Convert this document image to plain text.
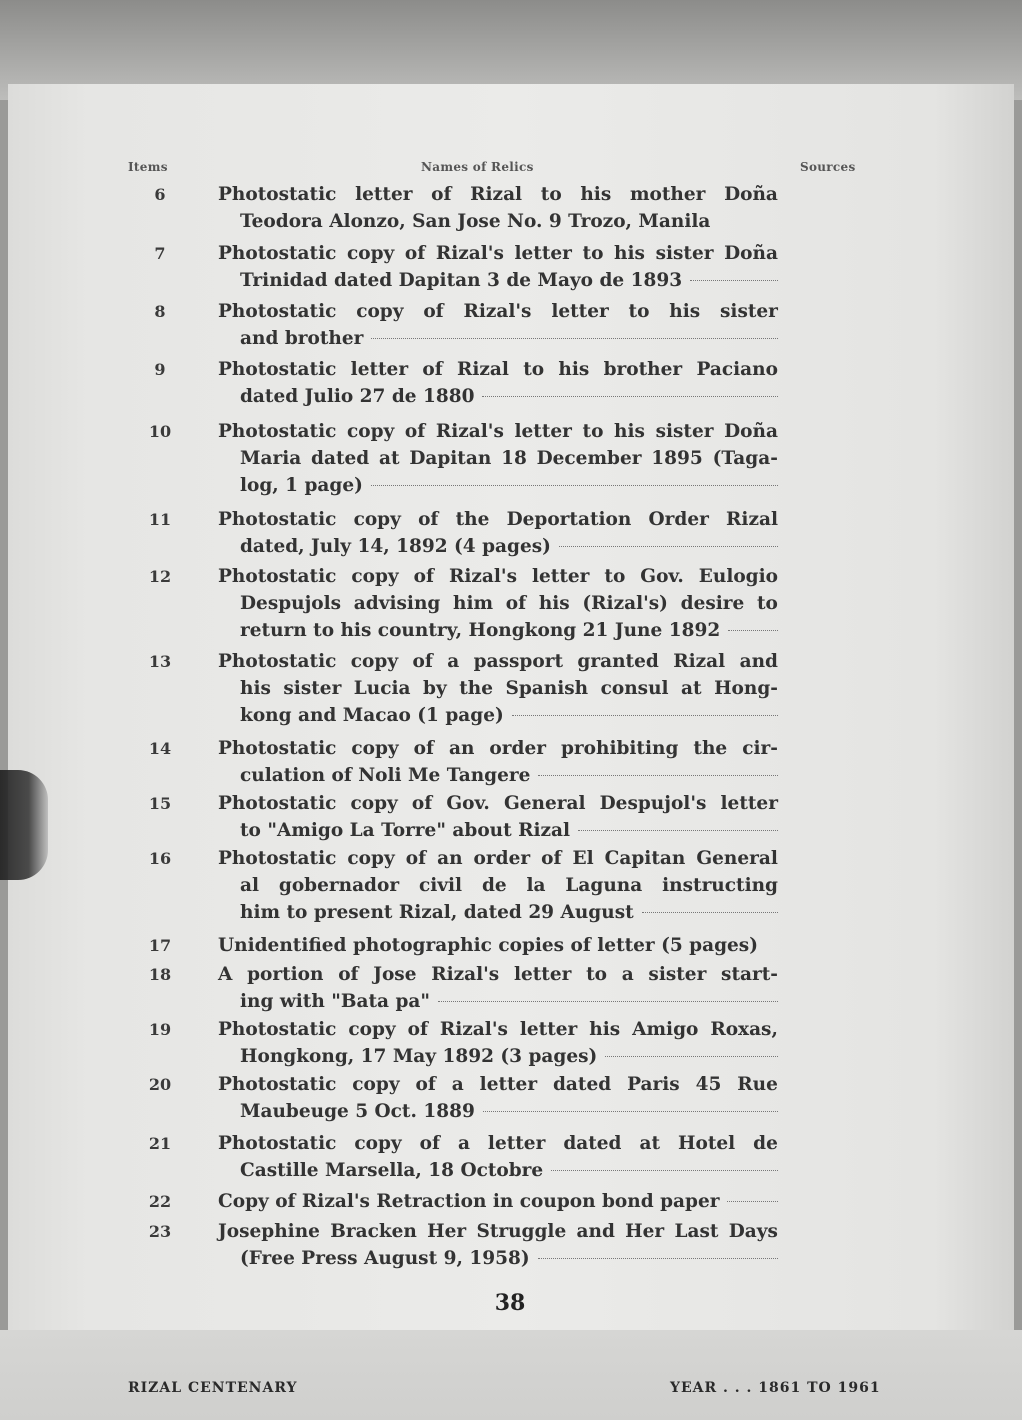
Items	Names of Relics	Sources
6	Photostatic letter of Rizal to his mother Doña
Teodora Alonzo, San Jose No. 9 Trozo, Manila
7	Photostatic copy of Rizal's letter to his sister Doña
Trinidad dated Dapitan 3 de Mayo de 1893
8	Photostatic copy of Rizal's letter to his sister
and brother
9	Photostatic letter of Rizal to his brother Paciano
dated Julio 27 de 1880
10	Photostatic copy of Rizal's letter to his sister Doña
Maria dated at Dapitan 18 December 1895 (Taga-
log, 1 page)
11	Photostatic copy of the Deportation Order Rizal
dated, July 14, 1892 (4 pages)
12	Photostatic copy of Rizal's letter to Gov. Eulogio
Despujols advising him of his (Rizal's) desire to
return to his country, Hongkong 21 June 1892
13	Photostatic copy of a passport granted Rizal and
his sister Lucia by the Spanish consul at Hong-
kong and Macao (1 page)
14	Photostatic copy of an order prohibiting the cir-
culation of Noli Me Tangere
15	Photostatic copy of Gov. General Despujol's letter
to "Amigo La Torre" about Rizal
16	Photostatic copy of an order of El Capitan General
al gobernador civil de la Laguna instructing
him to present Rizal, dated 29 August
17	Unidentified photographic copies of letter (5 pages)
18	A portion of Jose Rizal's letter to a sister start-
ing with "Bata pa"
19	Photostatic copy of Rizal's letter his Amigo Roxas,
Hongkong, 17 May 1892 (3 pages)
20	Photostatic copy of a letter dated Paris 45 Rue
Maubeuge 5 Oct. 1889
21	Photostatic copy of a letter dated at Hotel de
Castille Marsella, 18 Octobre
22	Copy of Rizal's Retraction in coupon bond paper
23	Josephine Bracken Her Struggle and Her Last Days
(Free Press August 9, 1958)
38
RIZAL CENTENARY	YEAR . . . 1861 TO 1961
